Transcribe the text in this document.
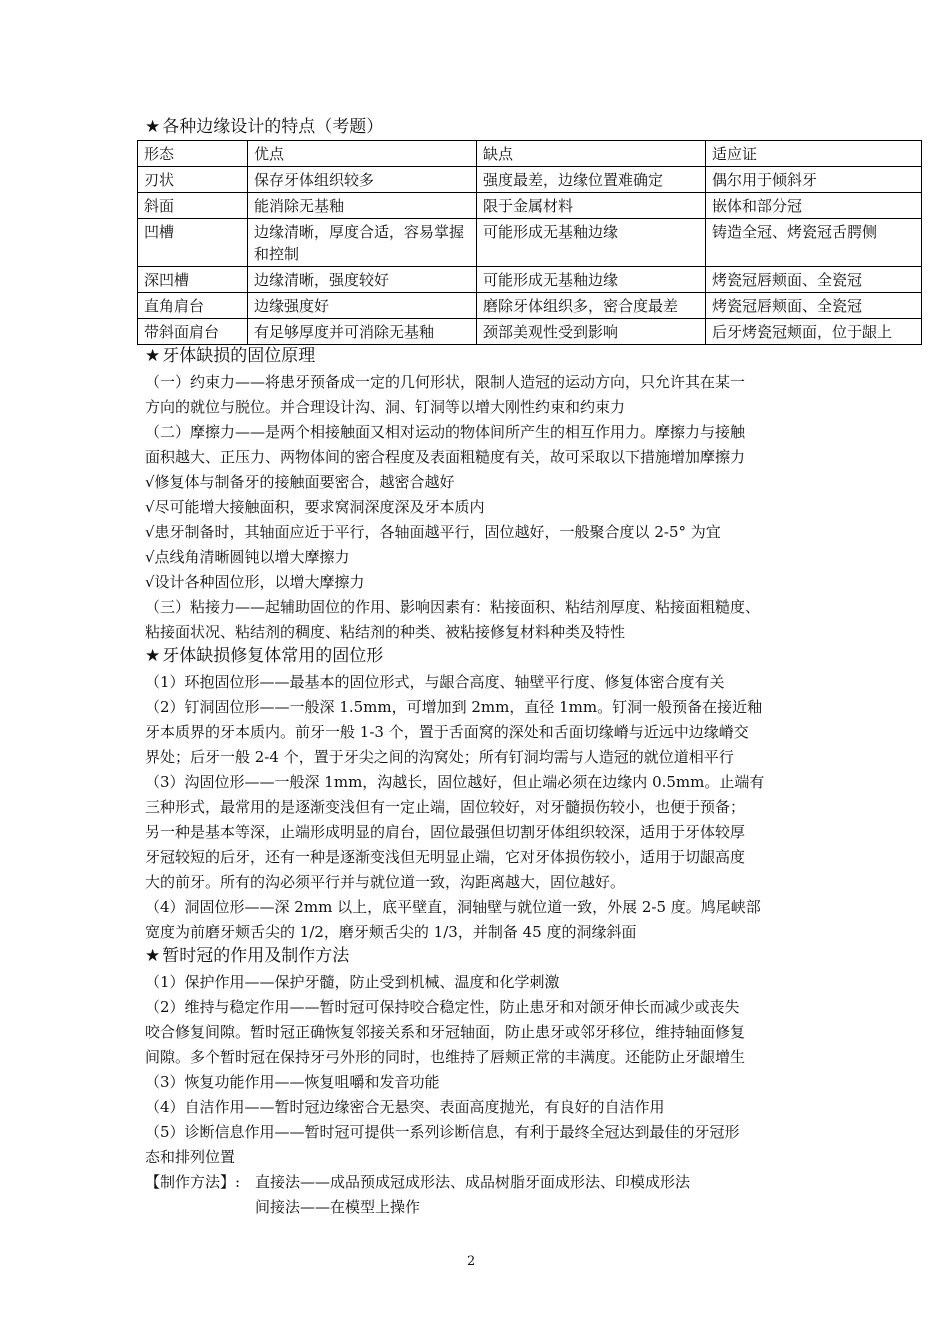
★ 各种边缘设计的特点（考题）
形态	优点	缺点	适应证
刃状	保存牙体组织较多	强度最差，边缘位置难确定	偶尔用于倾斜牙
斜面	能消除无基釉	限于金属材料	嵌体和部分冠
凹槽	边缘清晰，厚度合适，容易掌握和控制	可能形成无基釉边缘	铸造全冠、烤瓷冠舌腭侧
深凹槽	边缘清晰，强度较好	可能形成无基釉边缘	烤瓷冠唇颊面、全瓷冠
直角肩台	边缘强度好	磨除牙体组织多，密合度最差	烤瓷冠唇颊面、全瓷冠
带斜面肩台	有足够厚度并可消除无基釉	颈部美观性受到影响	后牙烤瓷冠颊面，位于龈上
★ 牙体缺损的固位原理
（一）约束力——将患牙预备成一定的几何形状，限制人造冠的运动方向，只允许其在某一
方向的就位与脱位。并合理设计沟、洞、钉洞等以增大刚性约束和约束力
（二）摩擦力——是两个相接触面又相对运动的物体间所产生的相互作用力。摩擦力与接触
面积越大、正压力、两物体间的密合程度及表面粗糙度有关，故可采取以下措施增加摩擦力
√修复体与制备牙的接触面要密合，越密合越好
√尽可能增大接触面积，要求窝洞深度深及牙本质内
√患牙制备时，其轴面应近于平行，各轴面越平行，固位越好，一般聚合度以 2-5° 为宜
√点线角清晰圆钝以增大摩擦力
√设计各种固位形，以增大摩擦力
（三）粘接力——起辅助固位的作用、影响因素有：粘接面积、粘结剂厚度、粘接面粗糙度、
粘接面状况、粘结剂的稠度、粘结剂的种类、被粘接修复材料种类及特性
★ 牙体缺损修复体常用的固位形
（1）环抱固位形——最基本的固位形式，与龈合高度、轴壁平行度、修复体密合度有关
（2）钉洞固位形——一般深 1.5mm，可增加到 2mm，直径 1mm。钉洞一般预备在接近釉
牙本质界的牙本质内。前牙一般 1-3 个，置于舌面窝的深处和舌面切缘嵴与近远中边缘嵴交
界处；后牙一般 2-4 个，置于牙尖之间的沟窝处；所有钉洞均需与人造冠的就位道相平行
（3）沟固位形——一般深 1mm，沟越长，固位越好，但止端必须在边缘内 0.5mm。止端有
三种形式，最常用的是逐渐变浅但有一定止端，固位较好，对牙髓损伤较小，也便于预备；
另一种是基本等深，止端形成明显的肩台，固位最强但切割牙体组织较深，适用于牙体较厚
牙冠较短的后牙，还有一种是逐渐变浅但无明显止端，它对牙体损伤较小，适用于切龈高度
大的前牙。所有的沟必须平行并与就位道一致，沟距离越大，固位越好。
（4）洞固位形——深 2mm 以上，底平壁直，洞轴壁与就位道一致，外展 2-5 度。鸠尾峡部
宽度为前磨牙颊舌尖的 1/2，磨牙颊舌尖的 1/3，并制备 45 度的洞缘斜面
★ 暂时冠的作用及制作方法
（1）保护作用——保护牙髓，防止受到机械、温度和化学刺激
（2）维持与稳定作用——暂时冠可保持咬合稳定性，防止患牙和对颌牙伸长而减少或丧失
咬合修复间隙。暂时冠正确恢复邻接关系和牙冠轴面，防止患牙或邻牙移位，维持轴面修复
间隙。多个暂时冠在保持牙弓外形的同时，也维持了唇颊正常的丰满度。还能防止牙龈增生
（3）恢复功能作用——恢复咀嚼和发音功能
（4）自洁作用——暂时冠边缘密合无悬突、表面高度抛光，有良好的自洁作用
（5）诊断信息作用——暂时冠可提供一系列诊断信息，有利于最终全冠达到最佳的牙冠形
态和排列位置
【制作方法】: 直接法——成品预成冠成形法、成品树脂牙面成形法、印模成形法
间接法——在模型上操作
2
